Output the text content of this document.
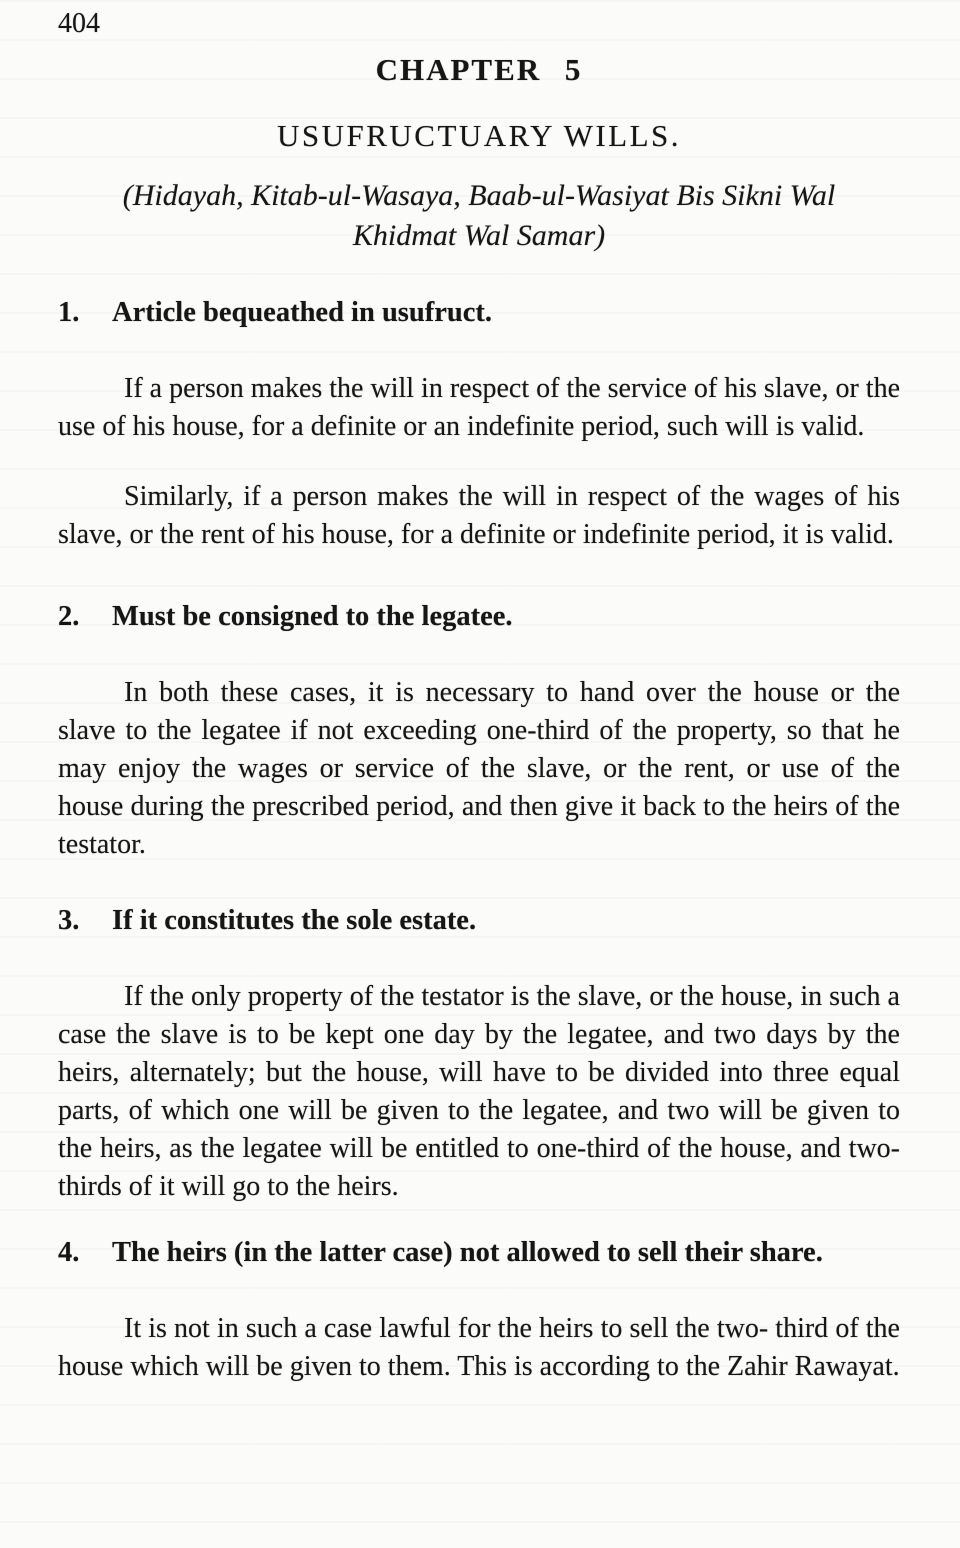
404
CHAPTER 5
USUFRUCTUARY WILLS.
(Hidayah, Kitab-ul-Wasaya, Baab-ul-Wasiyat Bis Sikni Wal
Khidmat Wal Samar)
1.	Article bequeathed in usufruct.

If a person makes the will in respect of the service of his slave, or the use of his house, for a definite or an indefinite period, such will is valid.

Similarly, if a person makes the will in respect of the wages of his slave, or the rent of his house, for a definite or indefinite period, it is valid.

2.	Must be consigned to the legatee.

In both these cases, it is necessary to hand over the house or the slave to the legatee if not exceeding one-third of the property, so that he may enjoy the wages or service of the slave, or the rent, or use of the house during the prescribed period, and then give it back to the heirs of the testator.

3.	If it constitutes the sole estate.

If the only property of the testator is the slave, or the house, in such a case the slave is to be kept one day by the legatee, and two days by the heirs, alternately; but the house, will have to be divided into three equal parts, of which one will be given to the legatee, and two will be given to the heirs, as the legatee will be entitled to one-third of the house, and two-thirds of it will go to the heirs.

4.	The heirs (in the latter case) not allowed to sell their share.

It is not in such a case lawful for the heirs to sell the two- third of the house which will be given to them. This is according to the Zahir Rawayat.
